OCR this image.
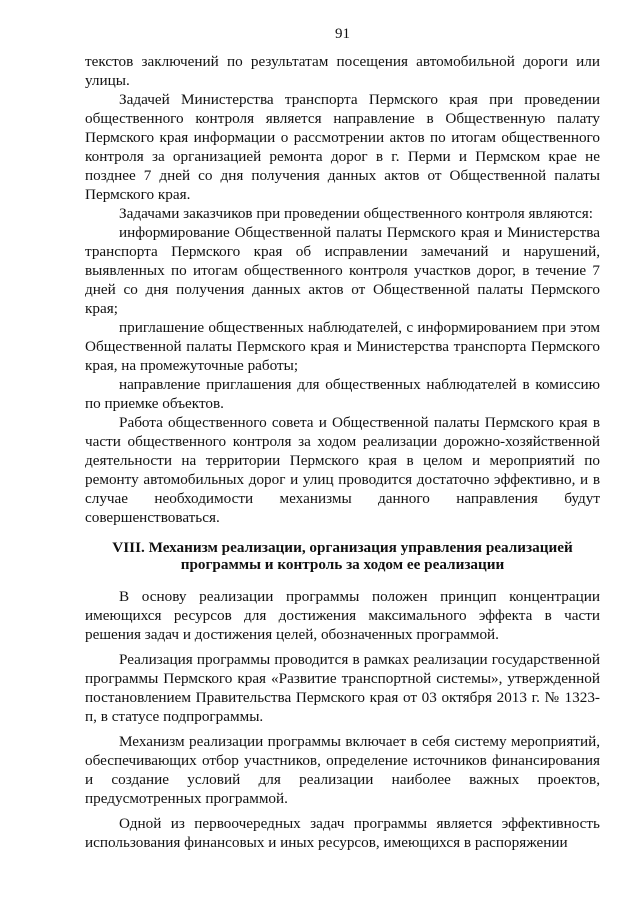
91

текстов заключений по результатам посещения автомобильной дороги или улицы.

Задачей Министерства транспорта Пермского края при проведении общественного контроля является направление в Общественную палату Пермского края информации о рассмотрении актов по итогам общественного контроля за организацией ремонта дорог в г. Перми и Пермском крае не позднее 7 дней со дня получения данных актов от Общественной палаты Пермского края.

Задачами заказчиков при проведении общественного контроля являются:

информирование Общественной палаты Пермского края и Министерства транспорта Пермского края об исправлении замечаний и нарушений, выявленных по итогам общественного контроля участков дорог, в течение 7 дней со дня получения данных актов от Общественной палаты Пермского края;

приглашение общественных наблюдателей, с информированием при этом Общественной палаты Пермского края и Министерства транспорта Пермского края, на промежуточные работы;

направление приглашения для общественных наблюдателей в комиссию по приемке объектов.

Работа общественного совета и Общественной палаты Пермского края в части общественного контроля за ходом реализации дорожно-хозяйственной деятельности на территории Пермского края в целом и мероприятий по ремонту автомобильных дорог и улиц проводится достаточно эффективно, и в случае необходимости механизмы данного направления будут совершенствоваться.

VIII. Механизм реализации, организация управления реализацией программы и контроль за ходом ее реализации

В основу реализации программы положен принцип концентрации имеющихся ресурсов для достижения максимального эффекта в части решения задач и достижения целей, обозначенных программой.

Реализация программы проводится в рамках реализации государственной программы Пермского края «Развитие транспортной системы», утвержденной постановлением Правительства Пермского края от 03 октября 2013 г. № 1323-п, в статусе подпрограммы.

Механизм реализации программы включает в себя систему мероприятий, обеспечивающих отбор участников, определение источников финансирования и создание условий для реализации наиболее важных проектов, предусмотренных программой.

Одной из первоочередных задач программы является эффективность использования финансовых и иных ресурсов, имеющихся в распоряжении
